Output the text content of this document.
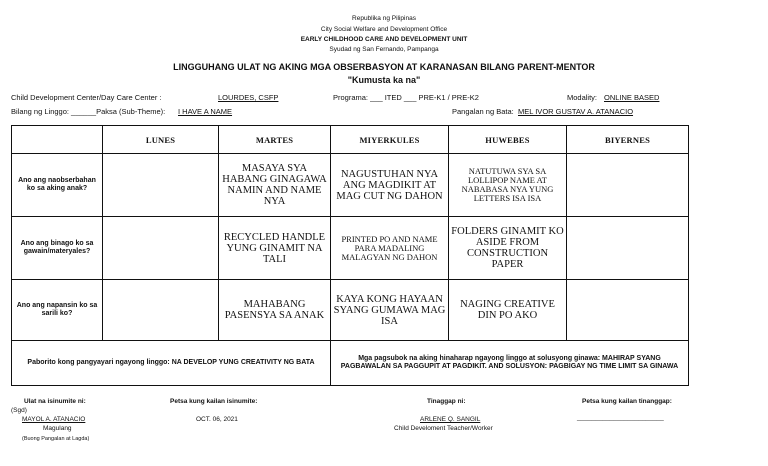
Republika ng Pilipinas
City Social Welfare and Development Office
EARLY CHILDHOOD CARE AND DEVELOPMENT UNIT
Syudad ng San Fernando, Pampanga
LINGGUHANG ULAT NG AKING MGA OBSERBASYON AT KARANASAN BILANG PARENT-MENTOR
"Kumusta ka na"
Child Development Center/Day Care Center :	LOURDES, CSFP	Programa: ___ ITED ___ PRE-K1 / PRE-K2	Modality: ONLINE BASED
Bilang ng Linggo: ______Paksa (Sub-Theme): I HAVE A NAME	Pangalan ng Bata: MEL IVOR GUSTAV A. ATANACIO
	LUNES	MARTES	MIYERKULES	HUWEBES	BIYERNES
Ano ang naobserbahan ko sa aking anak?		MASAYA SYA HABANG GINAGAWA NAMIN AND NAME NYA	NAGUSTUHAN NYA ANG MAGDIKIT AT MAG CUT NG DAHON	NATUTUWA SYA SA LOLLIPOP NAME AT NABABASA NYA YUNG LETTERS ISA ISA	
Ano ang binago ko sa gawain/materyales?		RECYCLED HANDLE YUNG GINAMIT NA TALI	PRINTED PO AND NAME PARA MADALING MALAGYAN NG DAHON	FOLDERS GINAMIT KO ASIDE FROM CONSTRUCTION PAPER	
Ano ang napansin ko sa sarili ko?		MAHABANG PASENSYA SA ANAK	KAYA KONG HAYAAN SYANG GUMAWA MAG ISA	NAGING CREATIVE DIN PO AKO	
Paborito kong pangyayari ngayong linggo: NA DEVELOP YUNG CREATIVITY NG BATA			Mga pagsubok na aking hinaharap ngayong linggo at solusyong ginawa: MAHIRAP SYANG PAGBAWALAN SA PAGGUPIT AT PAGDIKIT. AND SOLUSYON: PAGBIGAY NG TIME LIMIT SA GINAWA		
Ulat na isinumite ni:
(Sgd)
MAYOL A. ATANACIO
Magulang
(Buong Pangalan at Lagda)
Petsa kung kailan isinumite:
OCT. 06, 2021
Tinaggap ni:
ARLENE Q. SANGIL
Child Develoment Teacher/Worker
Petsa kung kailan tinanggap:
________________________
